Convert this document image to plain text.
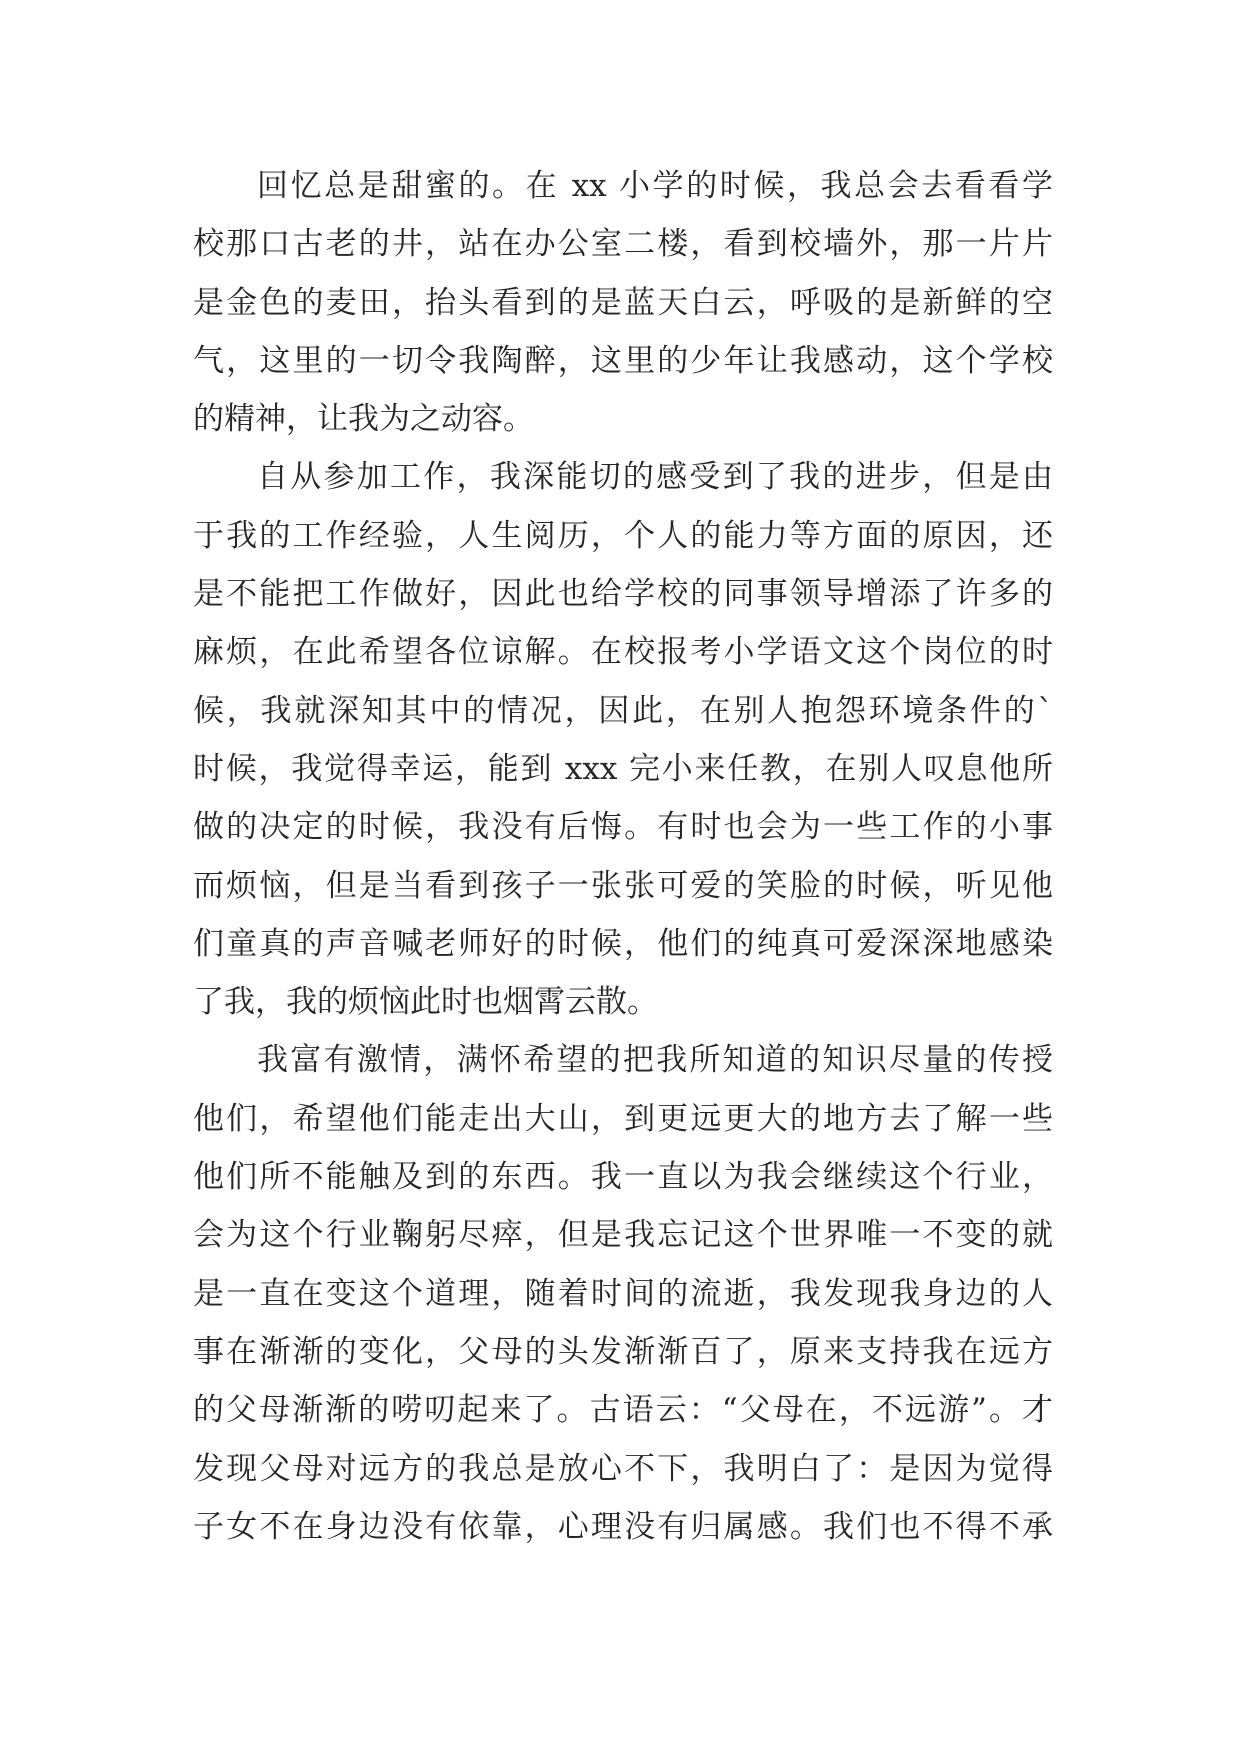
回忆总是甜蜜的。在 xx 小学的时候，我总会去看看学
校那口古老的井，站在办公室二楼，看到校墙外，那一片片
是金色的麦田，抬头看到的是蓝天白云，呼吸的是新鲜的空
气，这里的一切令我陶醉，这里的少年让我感动，这个学校
的精神，让我为之动容。
自从参加工作，我深能切的感受到了我的进步，但是由
于我的工作经验，人生阅历，个人的能力等方面的原因，还
是不能把工作做好，因此也给学校的同事领导增添了许多的
麻烦，在此希望各位谅解。在校报考小学语文这个岗位的时
候，我就深知其中的情况，因此，在别人抱怨环境条件的`
时候，我觉得幸运，能到 xxx 完小来任教，在别人叹息他所
做的决定的时候，我没有后悔。有时也会为一些工作的小事
而烦恼，但是当看到孩子一张张可爱的笑脸的时候，听见他
们童真的声音喊老师好的时候，他们的纯真可爱深深地感染
了我，我的烦恼此时也烟霄云散。
我富有激情，满怀希望的把我所知道的知识尽量的传授
他们，希望他们能走出大山，到更远更大的地方去了解一些
他们所不能触及到的东西。我一直以为我会继续这个行业，
会为这个行业鞠躬尽瘁，但是我忘记这个世界唯一不变的就
是一直在变这个道理，随着时间的流逝，我发现我身边的人
事在渐渐的变化，父母的头发渐渐百了，原来支持我在远方
的父母渐渐的唠叨起来了。古语云：“父母在，不远游”。才
发现父母对远方的我总是放心不下，我明白了：是因为觉得
子女不在身边没有依靠，心理没有归属感。我们也不得不承
